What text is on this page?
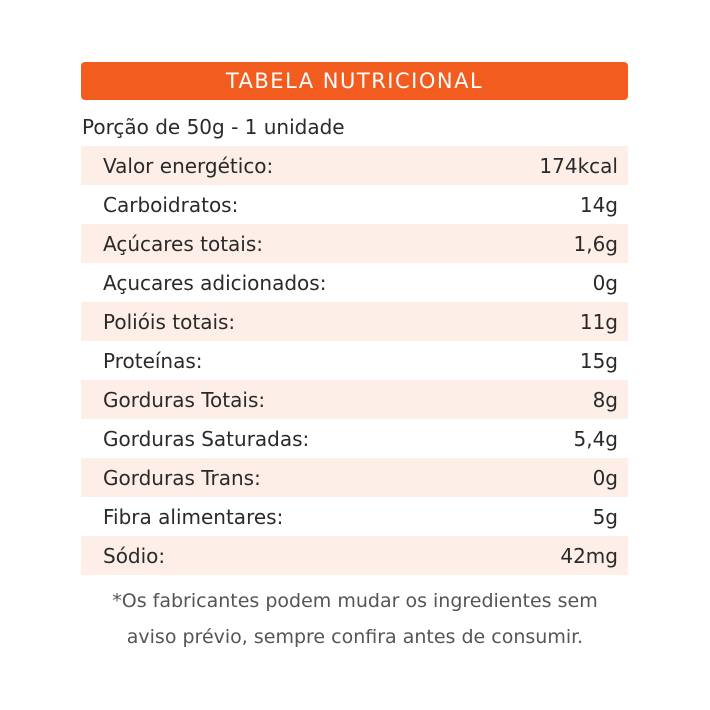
TABELA NUTRICIONAL
Porção de 50g - 1 unidade
Valor energético:	174kcal
Carboidratos:	14g
Açúcares totais:	1,6g
Açucares adicionados:	0g
Polióis totais:	11g
Proteínas:	15g
Gorduras Totais:	8g
Gorduras Saturadas:	5,4g
Gorduras Trans:	0g
Fibra alimentares:	5g
Sódio:	42mg
*Os fabricantes podem mudar os ingredientes sem
aviso prévio, sempre confira antes de consumir.
